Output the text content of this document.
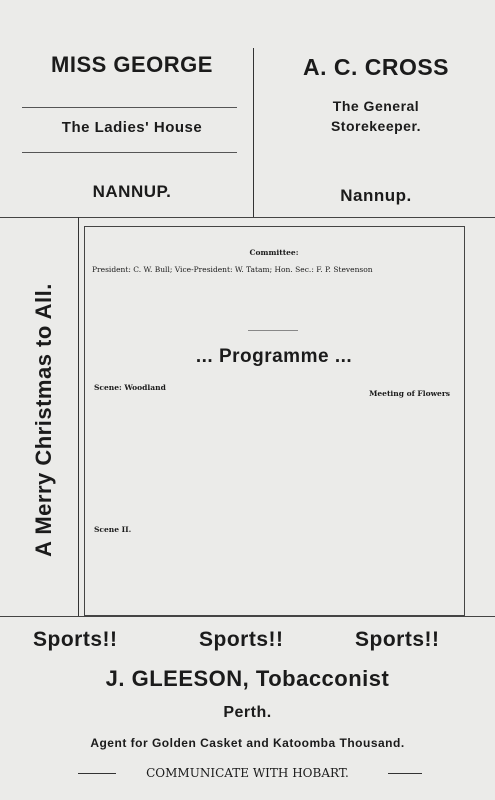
MISS GEORGE
The Ladies' House
NANNUP.
A. C. CROSS
The General
Storekeeper.
Nannup.
A Merry Christmas to All.
Committee:
President: C. W. Bull; Vice-President: W. Tatam; Hon. Sec.: F. P. Stevenson
... Programme ...
Scene: Woodland
Meeting of Flowers
Scene II.
Sports!!	Sports!!	Sports!!
J. GLEESON, Tobacconist
Perth.
Agent for Golden Casket and Katoomba Thousand.
COMMUNICATE WITH HOBART.
